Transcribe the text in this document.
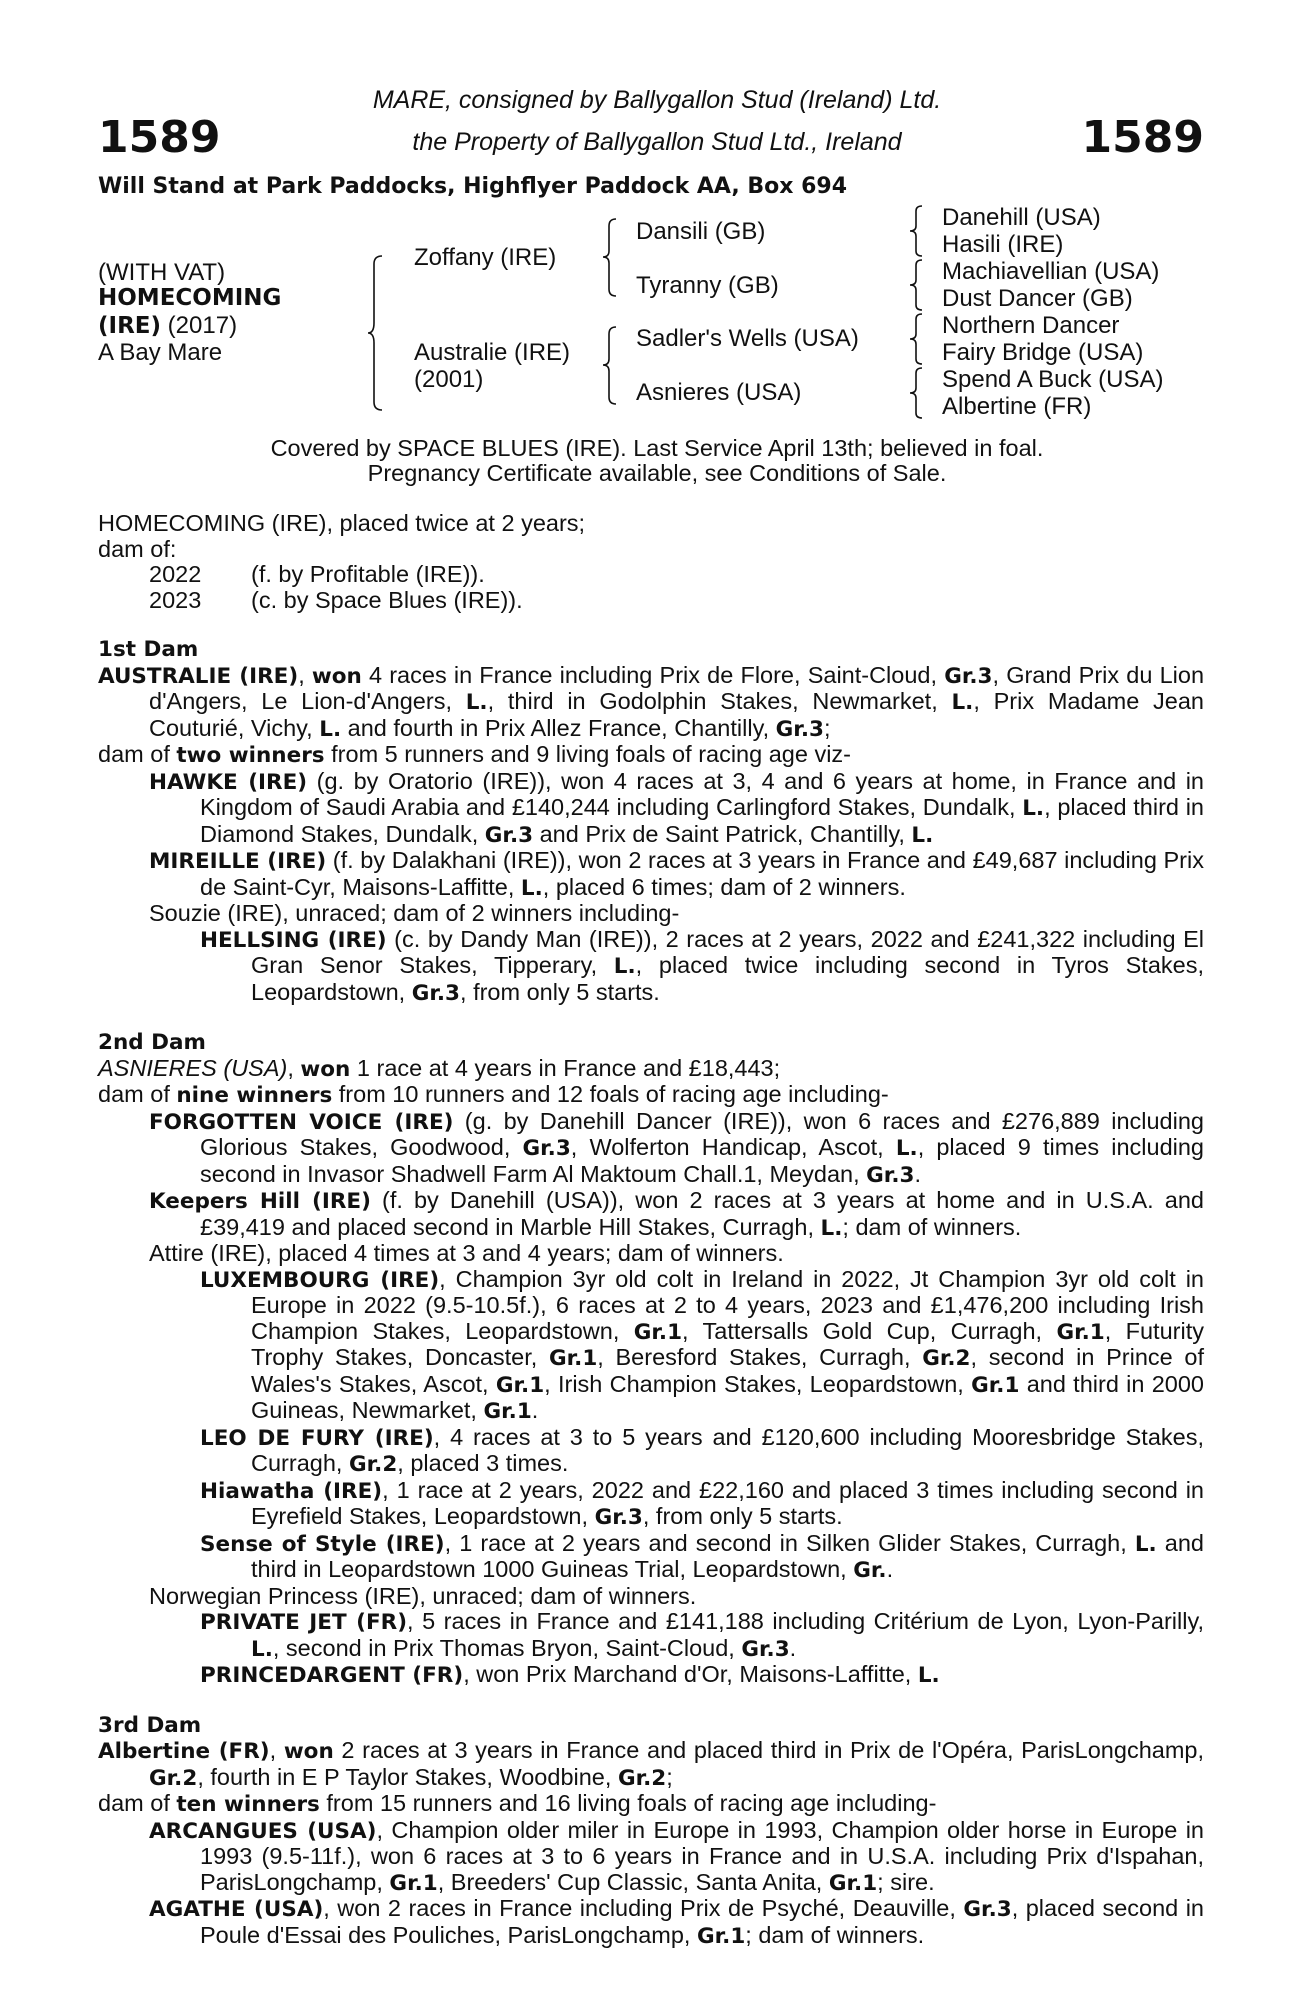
1589	1589
MARE, consigned by Ballygallon Stud (Ireland) Ltd.
the Property of Ballygallon Stud Ltd., Ireland
Will Stand at Park Paddocks, Highflyer Paddock AA, Box 694
(WITH VAT)
HOMECOMING
(IRE) (2017)
A Bay Mare
Zoffany (IRE)
Australie (IRE)
(2001)
Dansili (GB)
Tyranny (GB)
Sadler's Wells (USA)
Asnieres (USA)
Danehill (USA)
Hasili (IRE)
Machiavellian (USA)
Dust Dancer (GB)
Northern Dancer
Fairy Bridge (USA)
Spend A Buck (USA)
Albertine (FR)
Covered by SPACE BLUES (IRE). Last Service April 13th; believed in foal.
Pregnancy Certificate available, see Conditions of Sale.

HOMECOMING (IRE), placed twice at 2 years;

dam of:

2022	(f. by Profitable (IRE)).
2023	(c. by Space Blues (IRE)).

1st Dam

AUSTRALIE (IRE), won 4 races in France including Prix de Flore, Saint-Cloud, Gr.3, Grand Prix du Lion d'Angers, Le Lion-d'Angers, L., third in Godolphin Stakes, Newmarket, L., Prix Madame Jean Couturié, Vichy, L. and fourth in Prix Allez France, Chantilly, Gr.3;

dam of two winners from 5 runners and 9 living foals of racing age viz-

HAWKE (IRE) (g. by Oratorio (IRE)), won 4 races at 3, 4 and 6 years at home, in France and in Kingdom of Saudi Arabia and £140,244 including Carlingford Stakes, Dundalk, L., placed third in Diamond Stakes, Dundalk, Gr.3 and Prix de Saint Patrick, Chantilly, L.

MIREILLE (IRE) (f. by Dalakhani (IRE)), won 2 races at 3 years in France and £49,687 including Prix de Saint-Cyr, Maisons-Laffitte, L., placed 6 times; dam of 2 winners.

Souzie (IRE), unraced; dam of 2 winners including-

HELLSING (IRE) (c. by Dandy Man (IRE)), 2 races at 2 years, 2022 and £241,322 including El Gran Senor Stakes, Tipperary, L., placed twice including second in Tyros Stakes, Leopardstown, Gr.3, from only 5 starts.

2nd Dam

ASNIERES (USA), won 1 race at 4 years in France and £18,443;

dam of nine winners from 10 runners and 12 foals of racing age including-

FORGOTTEN VOICE (IRE) (g. by Danehill Dancer (IRE)), won 6 races and £276,889 including Glorious Stakes, Goodwood, Gr.3, Wolferton Handicap, Ascot, L., placed 9 times including second in Invasor Shadwell Farm Al Maktoum Chall.1, Meydan, Gr.3.

Keepers Hill (IRE) (f. by Danehill (USA)), won 2 races at 3 years at home and in U.S.A. and £39,419 and placed second in Marble Hill Stakes, Curragh, L.; dam of winners.

Attire (IRE), placed 4 times at 3 and 4 years; dam of winners.

LUXEMBOURG (IRE), Champion 3yr old colt in Ireland in 2022, Jt Champion 3yr old colt in Europe in 2022 (9.5-10.5f.), 6 races at 2 to 4 years, 2023 and £1,476,200 including Irish Champion Stakes, Leopardstown, Gr.1, Tattersalls Gold Cup, Curragh, Gr.1, Futurity Trophy Stakes, Doncaster, Gr.1, Beresford Stakes, Curragh, Gr.2, second in Prince of Wales's Stakes, Ascot, Gr.1, Irish Champion Stakes, Leopardstown, Gr.1 and third in 2000 Guineas, Newmarket, Gr.1.

LEO DE FURY (IRE), 4 races at 3 to 5 years and £120,600 including Mooresbridge Stakes, Curragh, Gr.2, placed 3 times.

Hiawatha (IRE), 1 race at 2 years, 2022 and £22,160 and placed 3 times including second in Eyrefield Stakes, Leopardstown, Gr.3, from only 5 starts.

Sense of Style (IRE), 1 race at 2 years and second in Silken Glider Stakes, Curragh, L. and third in Leopardstown 1000 Guineas Trial, Leopardstown, Gr..

Norwegian Princess (IRE), unraced; dam of winners.

PRIVATE JET (FR), 5 races in France and £141,188 including Critérium de Lyon, Lyon-Parilly, L., second in Prix Thomas Bryon, Saint-Cloud, Gr.3.

PRINCEDARGENT (FR), won Prix Marchand d'Or, Maisons-Laffitte, L.

3rd Dam

Albertine (FR), won 2 races at 3 years in France and placed third in Prix de l'Opéra, ParisLongchamp, Gr.2, fourth in E P Taylor Stakes, Woodbine, Gr.2;

dam of ten winners from 15 runners and 16 living foals of racing age including-

ARCANGUES (USA), Champion older miler in Europe in 1993, Champion older horse in Europe in 1993 (9.5-11f.), won 6 races at 3 to 6 years in France and in U.S.A. including Prix d'Ispahan, ParisLongchamp, Gr.1, Breeders' Cup Classic, Santa Anita, Gr.1; sire.

AGATHE (USA), won 2 races in France including Prix de Psyché, Deauville, Gr.3, placed second in Poule d'Essai des Pouliches, ParisLongchamp, Gr.1; dam of winners.
